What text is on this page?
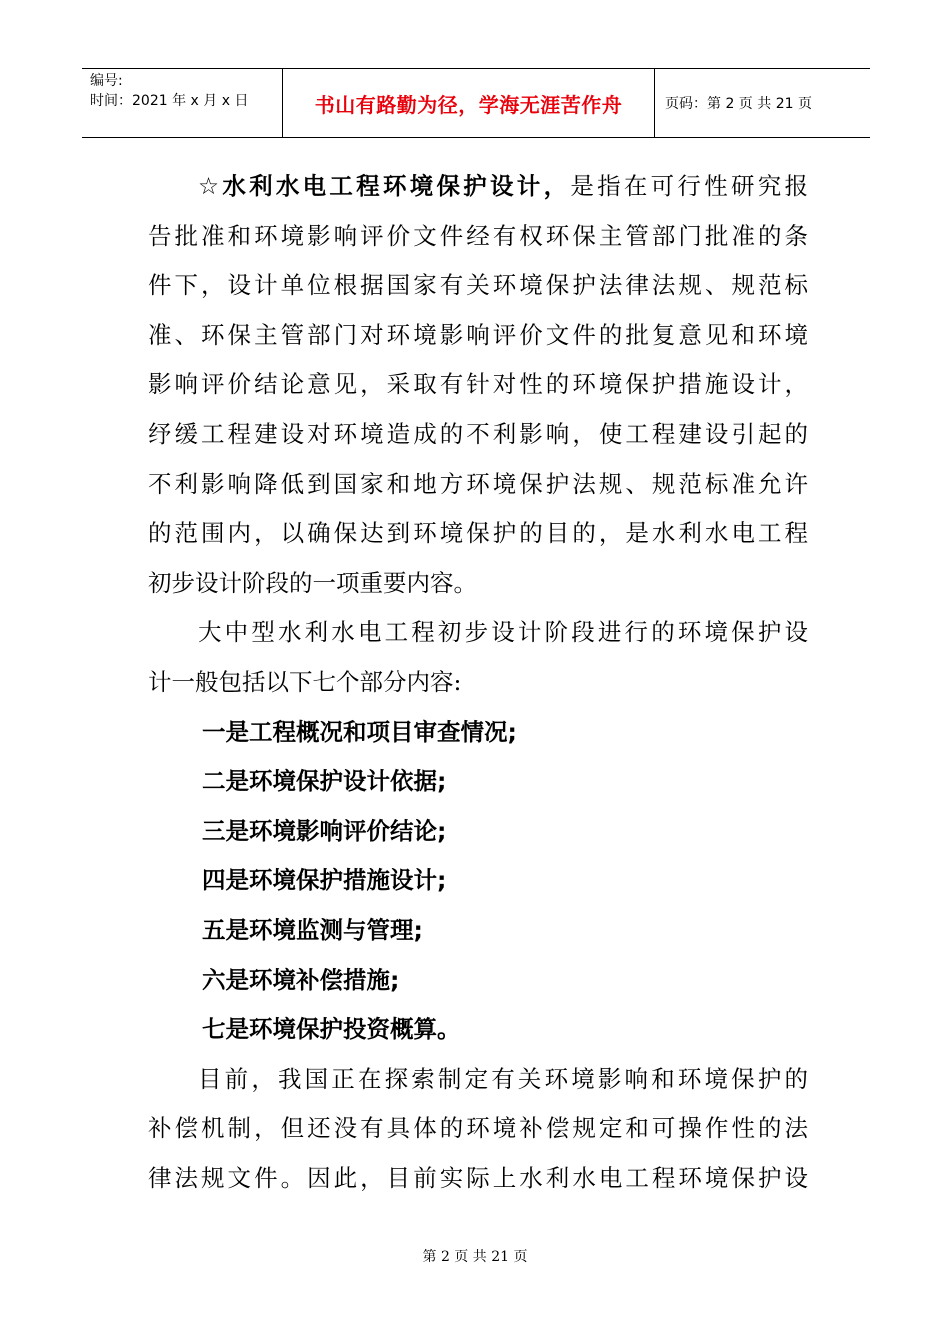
编号:
时间：2021 年 x 月 x 日	书山有路勤为径，学海无涯苦作舟	页码：第 2 页 共 21 页
☆水利水电工程环境保护设计，是指在可行性研究报
告批准和环境影响评价文件经有权环保主管部门批准的条
件下，设计单位根据国家有关环境保护法律法规、规范标
准、环保主管部门对环境影响评价文件的批复意见和环境
影响评价结论意见，采取有针对性的环境保护措施设计，
纾缓工程建设对环境造成的不利影响，使工程建设引起的
不利影响降低到国家和地方环境保护法规、规范标准允许
的范围内，以确保达到环境保护的目的，是水利水电工程
初步设计阶段的一项重要内容。
大中型水利水电工程初步设计阶段进行的环境保护设
计一般包括以下七个部分内容:
一是工程概况和项目审查情况;
二是环境保护设计依据;
三是环境影响评价结论;
四是环境保护措施设计;
五是环境监测与管理;
六是环境补偿措施;
七是环境保护投资概算。
目前，我国正在探索制定有关环境影响和环境保护的
补偿机制，但还没有具体的环境补偿规定和可操作性的法
律法规文件。因此，目前实际上水利水电工程环境保护设
第 2 页 共 21 页
